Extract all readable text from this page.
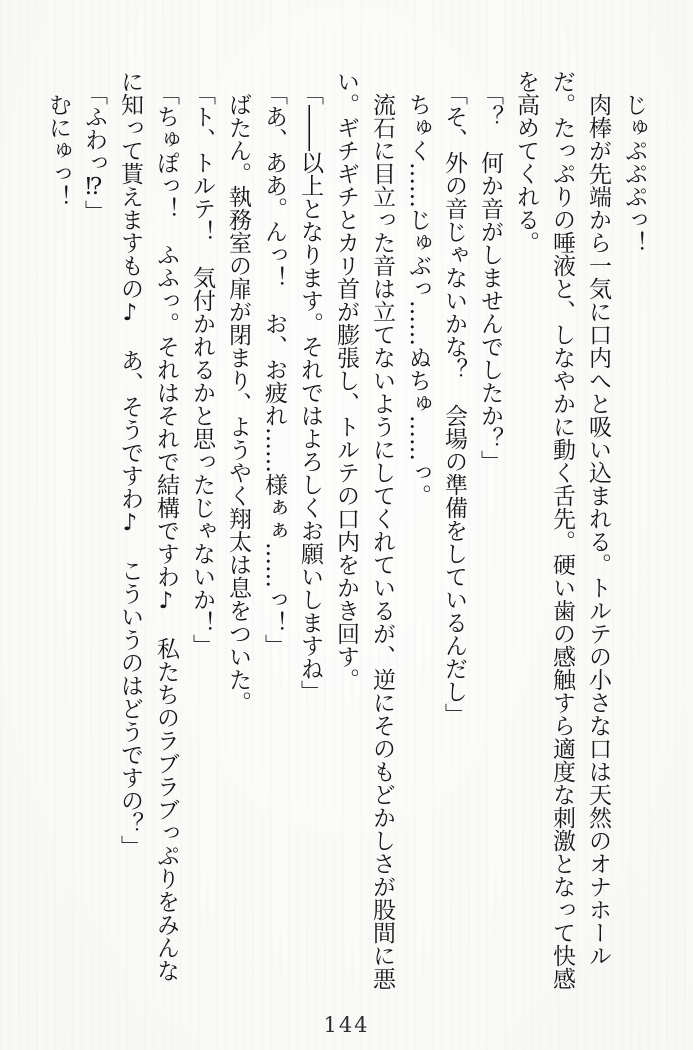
じゅぷぷぷっ！

肉棒が先端から一気に口内へと吸い込まれる。トルテの小さな口は天然のオナホールだ。たっぷりの唾液と、しなやかに動く舌先。硬い歯の感触すら適度な刺激となって快感を高めてくれる。

「？　何か音がしませんでしたか？」

「そ、外の音じゃないかな？　会場の準備をしているんだし」

ちゅく……じゅぶっ……ぬちゅ……っ。

流石に目立った音は立てないようにしてくれているが、逆にそのもどかしさが股間に悪い。ギチギチとカリ首が膨張し、トルテの口内をかき回す。

「――以上となります。それではよろしくお願いしますね」

「あ、ああ。んっ！　お、お疲れ……様ぁぁ……っ！」

ばたん。執務室の扉が閉まり、ようやく翔太は息をついた。

「ト、トルテ！　気付かれるかと思ったじゃないか！」

「ちゅぽっ！　ふふっ。それはそれで結構ですわ♪　私たちのラブラブっぷりをみんなに知って貰えますもの♪　あ、そうですわ♪　こういうのはどうですの？」

「ふわっ⁉」

むにゅっ！

144
